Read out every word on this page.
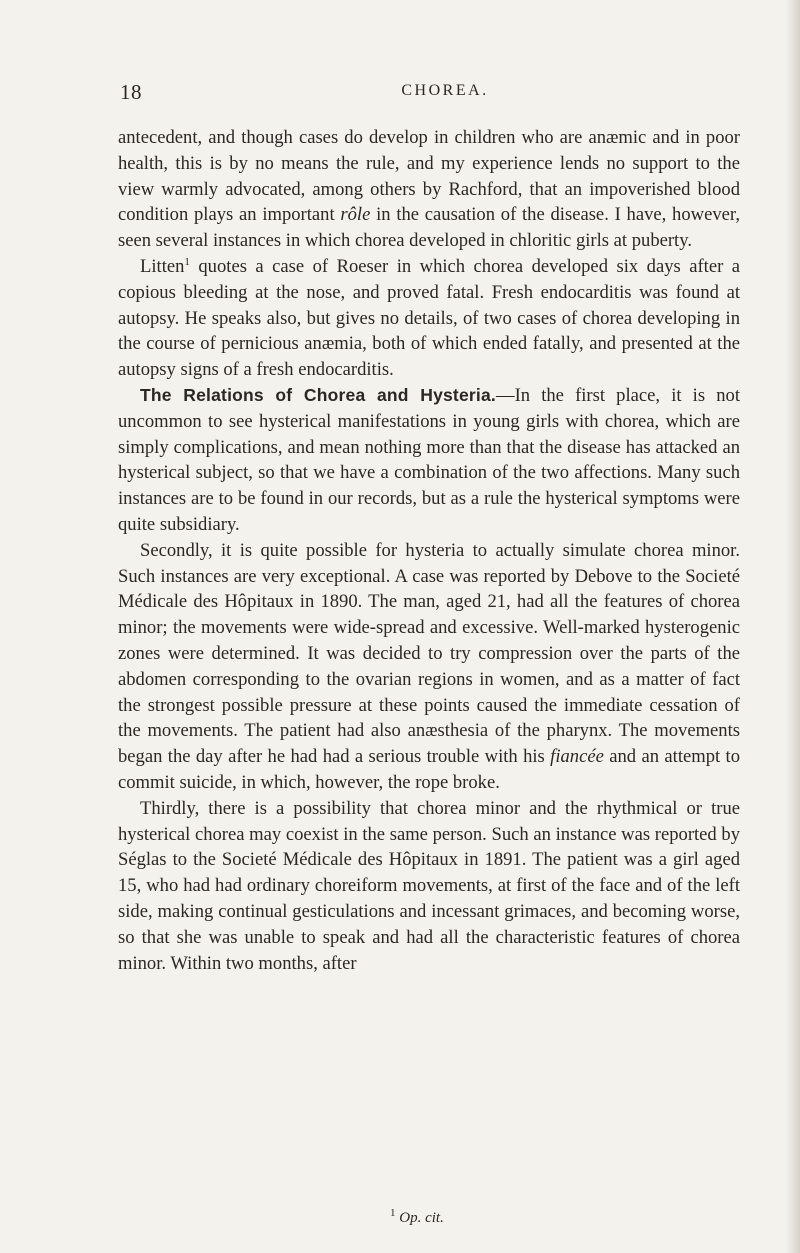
18	CHOREA.

antecedent, and though cases do develop in children who are anæmic and in poor health, this is by no means the rule, and my experience lends no support to the view warmly advocated, among others by Rachford, that an impoverished blood condition plays an important rôle in the causation of the disease. I have, however, seen several instances in which chorea developed in chloritic girls at puberty.

Litten$^1$ quotes a case of Roeser in which chorea developed six days after a copious bleeding at the nose, and proved fatal. Fresh endocarditis was found at autopsy. He speaks also, but gives no details, of two cases of chorea developing in the course of pernicious anæmia, both of which ended fatally, and presented at the autopsy signs of a fresh endocarditis.

The Relations of Chorea and Hysteria.—In the first place, it is not uncommon to see hysterical manifestations in young girls with chorea, which are simply complications, and mean nothing more than that the disease has attacked an hysterical subject, so that we have a combination of the two affections. Many such instances are to be found in our records, but as a rule the hysterical symptoms were quite subsidiary.

Secondly, it is quite possible for hysteria to actually simulate chorea minor. Such instances are very exceptional. A case was reported by Debove to the Societé Médicale des Hôpitaux in 1890. The man, aged 21, had all the features of chorea minor; the movements were wide-spread and excessive. Well-marked hysterogenic zones were determined. It was decided to try compression over the parts of the abdomen corresponding to the ovarian regions in women, and as a matter of fact the strongest possible pressure at these points caused the immediate cessation of the movements. The patient had also anæsthesia of the pharynx. The movements began the day after he had had a serious trouble with his fiancée and an attempt to commit suicide, in which, however, the rope broke.

Thirdly, there is a possibility that chorea minor and the rhythmical or true hysterical chorea may coexist in the same person. Such an instance was reported by Séglas to the Societé Médicale des Hôpitaux in 1891. The patient was a girl aged 15, who had had ordinary choreiform movements, at first of the face and of the left side, making continual gesticulations and incessant grimaces, and becoming worse, so that she was unable to speak and had all the characteristic features of chorea minor. Within two months, after

$^1$ Op. cit.
